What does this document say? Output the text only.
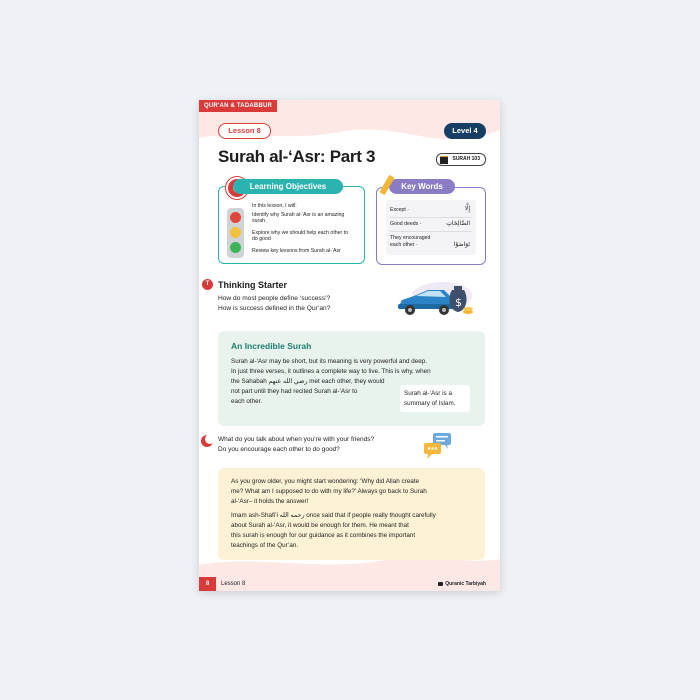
QUR'AN & TADABBUR
Lesson 8	Level 4
Surah al-‘Asr: Part 3	SURAH 103
Learning Objectives
In this lesson, I will:
Identify why Surah al-‘Asr is an amazing surah
Explore why we should help each other to do good
Review key lessons from Surah al-‘Asr
Key Words
Except ·	إِلَّا
Good deeds ·	الصَّالِحَاتِ
They encouraged each other ·	تَوَاصَوْا
T Thinking Starter
How do most people define ‘success’?
How is success defined in the Qur’an?	$
An Incredible Surah
Surah al-‘Asr may be short, but its meaning is very powerful and deep.
In just three verses, it outlines a complete way to live. This is why, when
the Sahabah رضي الله عنهم met each other, they would
not part until they had recited Surah al-‘Asr to
each other.
Surah al-‘Asr is a
summary of Islam.
What do you talk about when you’re with your friends?
Do you encourage each other to do good?
As you grow older, you might start wondering: ‘Why did Allah create
me? What am I supposed to do with my life?’ Always go back to Surah
al-‘Asr– it holds the answer!
Imam ash-Shafi’i رحمه الله once said that if people really thought carefully
about Surah al-‘Asr, it would be enough for them. He meant that
this surah is enough for our guidance as it combines the important
teachings of the Qur’an.
8	Lesson 8	Quranic Tarbiyah
